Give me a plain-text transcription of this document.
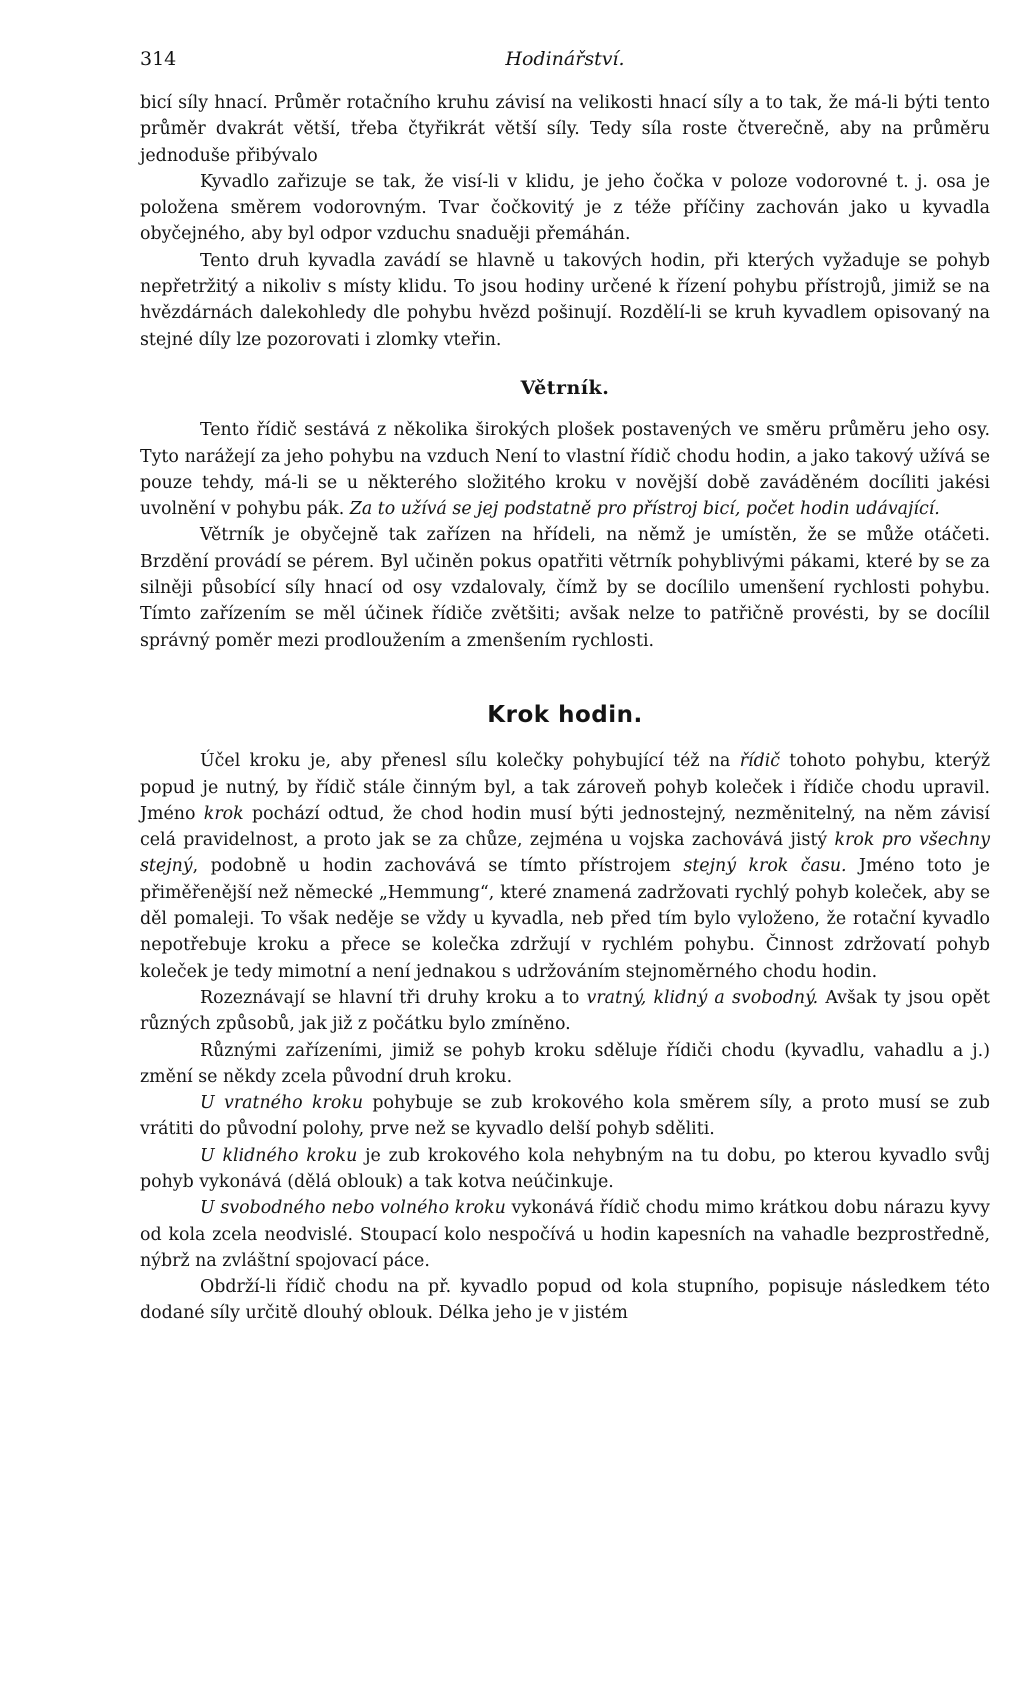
314	Hodinářství.

bicí síly hnací. Průměr rotačního kruhu závisí na velikosti hnací síly a to tak, že má-li býti tento průměr dvakrát větší, třeba čtyřikrát větší síly. Tedy síla roste čtverečně, aby na průměru jednoduše přibývalo

Kyvadlo zařizuje se tak, že visí-li v klidu, je jeho čočka v poloze vodorovné t. j. osa je položena směrem vodorovným. Tvar čočkovitý je z téže příčiny zachován jako u kyvadla obyčejného, aby byl odpor vzduchu snaduěji přemáhán.

Tento druh kyvadla zavádí se hlavně u takových hodin, při kterých vyžaduje se pohyb nepřetržitý a nikoliv s místy klidu. To jsou hodiny určené k řízení pohybu přístrojů, jimiž se na hvězdárnách dalekohledy dle pohybu hvězd pošinují. Rozdělí-li se kruh kyvadlem opisovaný na stejné díly lze pozorovati i zlomky vteřin.

Větrník.

Tento řídič sestává z několika širokých plošek postavených ve směru průměru jeho osy. Tyto narážejí za jeho pohybu na vzduch Není to vlastní řídič chodu hodin, a jako takový užívá se pouze tehdy, má-li se u některého složitého kroku v novější době zaváděném docíliti jakési uvolnění v pohybu pák. Za to užívá se jej podstatně pro přístroj bicí, počet hodin udávající.

Větrník je obyčejně tak zařízen na hřídeli, na němž je umístěn, že se může otáčeti. Brzdění provádí se pérem. Byl učiněn pokus opatřiti větrník pohyblivými pákami, které by se za silněji působící síly hnací od osy vzdalovaly, čímž by se docílilo umenšení rychlosti pohybu. Tímto zařízením se měl účinek řídiče zvětšiti; avšak nelze to patřičně provésti, by se docílil správný poměr mezi prodloužením a zmenšením rychlosti.

Krok hodin.

Účel kroku je, aby přenesl sílu kolečky pohybující též na řídič tohoto pohybu, kterýž popud je nutný, by řídič stále činným byl, a tak zároveň pohyb koleček i řídiče chodu upravil. Jméno krok pochází odtud, že chod hodin musí býti jednostejný, nezměnitelný, na něm závisí celá pravidelnost, a proto jak se za chůze, zejména u vojska zachovává jistý krok pro všechny stejný, podobně u hodin zachovává se tímto přístrojem stejný krok času. Jméno toto je přiměřenější než německé „Hemmung“, které znamená zadržovati rychlý pohyb koleček, aby se děl pomaleji. To však neděje se vždy u kyvadla, neb před tím bylo vyloženo, že rotační kyvadlo nepotřebuje kroku a přece se kolečka zdržují v rychlém pohybu. Činnost zdržovatí pohyb koleček je tedy mimotní a není jednakou s udržováním stejnoměrného chodu hodin.

Rozeznávají se hlavní tři druhy kroku a to vratný, klidný a svobodný. Avšak ty jsou opět různých způsobů, jak již z počátku bylo zmíněno.

Různými zařízeními, jimiž se pohyb kroku sděluje řídiči chodu (kyvadlu, vahadlu a j.) změní se někdy zcela původní druh kroku.

U vratného kroku pohybuje se zub krokového kola směrem síly, a proto musí se zub vrátiti do původní polohy, prve než se kyvadlo delší pohyb sděliti.

U klidného kroku je zub krokového kola nehybným na tu dobu, po kterou kyvadlo svůj pohyb vykonává (dělá oblouk) a tak kotva neúčinkuje.

U svobodného nebo volného kroku vykonává řídič chodu mimo krátkou dobu nárazu kyvy od kola zcela neodvislé. Stoupací kolo nespočívá u hodin kapesních na vahadle bezprostředně, nýbrž na zvláštní spojovací páce.

Obdrží-li řídič chodu na př. kyvadlo popud od kola stupního, popisuje následkem této dodané síly určitě dlouhý oblouk. Délka jeho je v jistém
